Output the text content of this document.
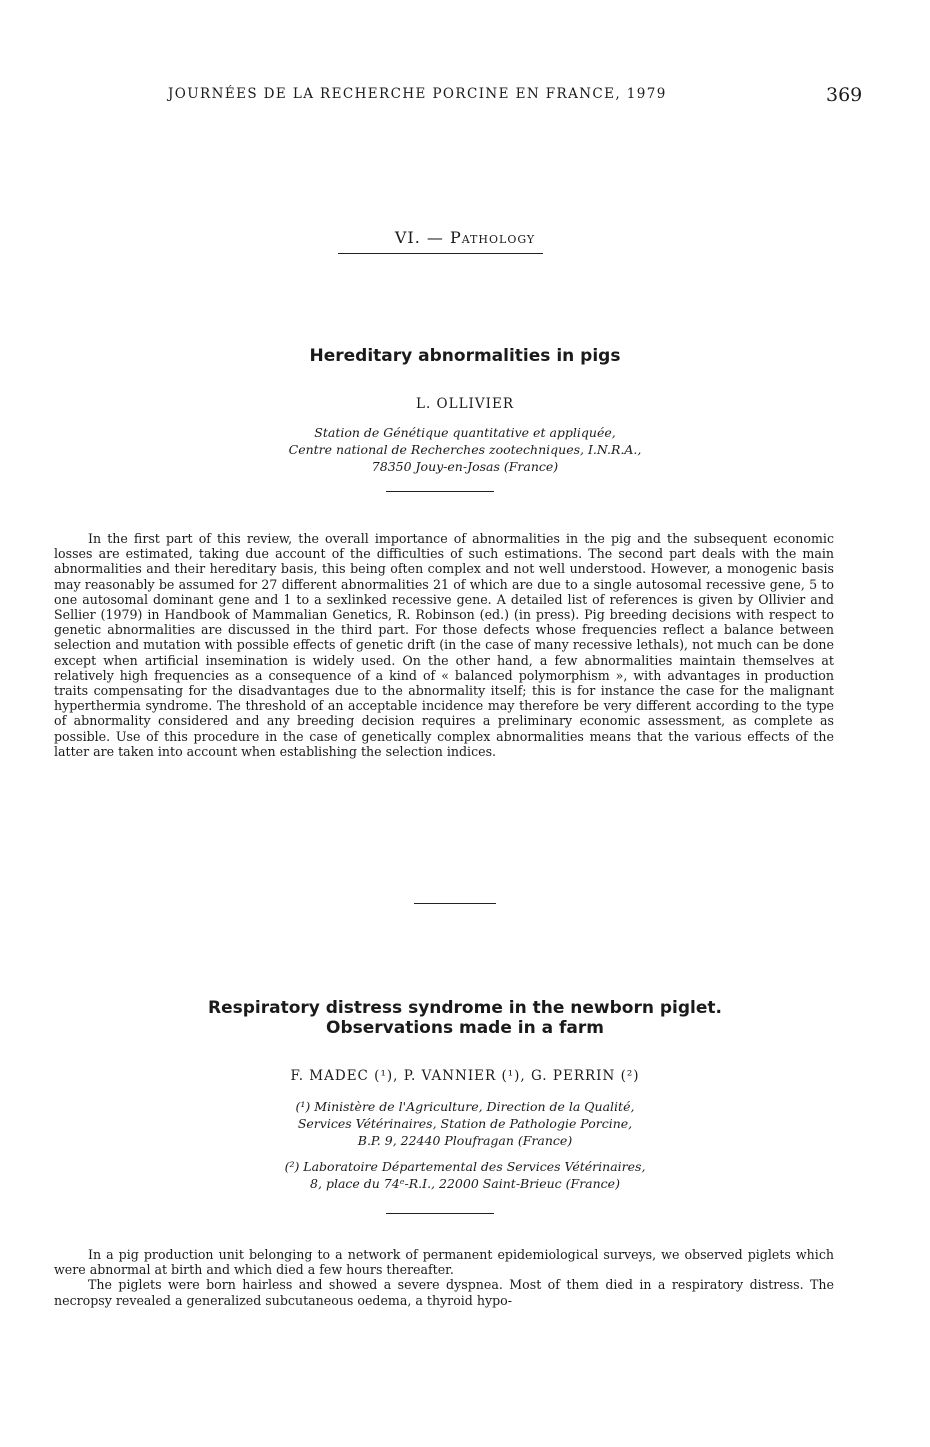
JOURNÉES DE LA RECHERCHE PORCINE EN FRANCE, 1979	369
VI. — Pathology
Hereditary abnormalities in pigs
L. OLLIVIER
Station de Génétique quantitative et appliquée,
Centre national de Recherches zootechniques, I.N.R.A.,
78350 Jouy-en-Josas (France)

In the first part of this review, the overall importance of abnormalities in the pig and the subsequent economic losses are estimated, taking due account of the difficulties of such estimations. The second part deals with the main abnormalities and their hereditary basis, this being often complex and not well understood. However, a monogenic basis may reasonably be assumed for 27 different abnormalities 21 of which are due to a single autosomal recessive gene, 5 to one autosomal dominant gene and 1 to a sexlinked recessive gene. A detailed list of references is given by Ollivier and Sellier (1979) in Handbook of Mammalian Genetics, R. Robinson (ed.) (in press). Pig breeding decisions with respect to genetic abnormalities are discussed in the third part. For those defects whose frequencies reflect a balance between selection and mutation with possible effects of genetic drift (in the case of many recessive lethals), not much can be done except when artificial insemination is widely used. On the other hand, a few abnormalities maintain themselves at relatively high frequencies as a consequence of a kind of « balanced polymorphism », with advantages in production traits compensating for the disadvantages due to the abnormality itself; this is for instance the case for the malignant hyperthermia syndrome. The threshold of an acceptable incidence may therefore be very different according to the type of abnormality considered and any breeding decision requires a preliminary economic assessment, as complete as possible. Use of this procedure in the case of genetically complex abnormalities means that the various effects of the latter are taken into account when establishing the selection indices.

Respiratory distress syndrome in the newborn piglet.
Observations made in a farm
F. MADEC (¹), P. VANNIER (¹), G. PERRIN (²)
(¹) Ministère de l'Agriculture, Direction de la Qualité,
Services Vétérinaires, Station de Pathologie Porcine,
B.P. 9, 22440 Ploufragan (France)
(²) Laboratoire Départemental des Services Vétérinaires,
8, place du 74ᵉ-R.I., 22000 Saint-Brieuc (France)

In a pig production unit belonging to a network of permanent epidemiological surveys, we observed piglets which were abnormal at birth and which died a few hours thereafter.

The piglets were born hairless and showed a severe dyspnea. Most of them died in a respiratory distress. The necropsy revealed a generalized subcutaneous oedema, a thyroid hypo-
